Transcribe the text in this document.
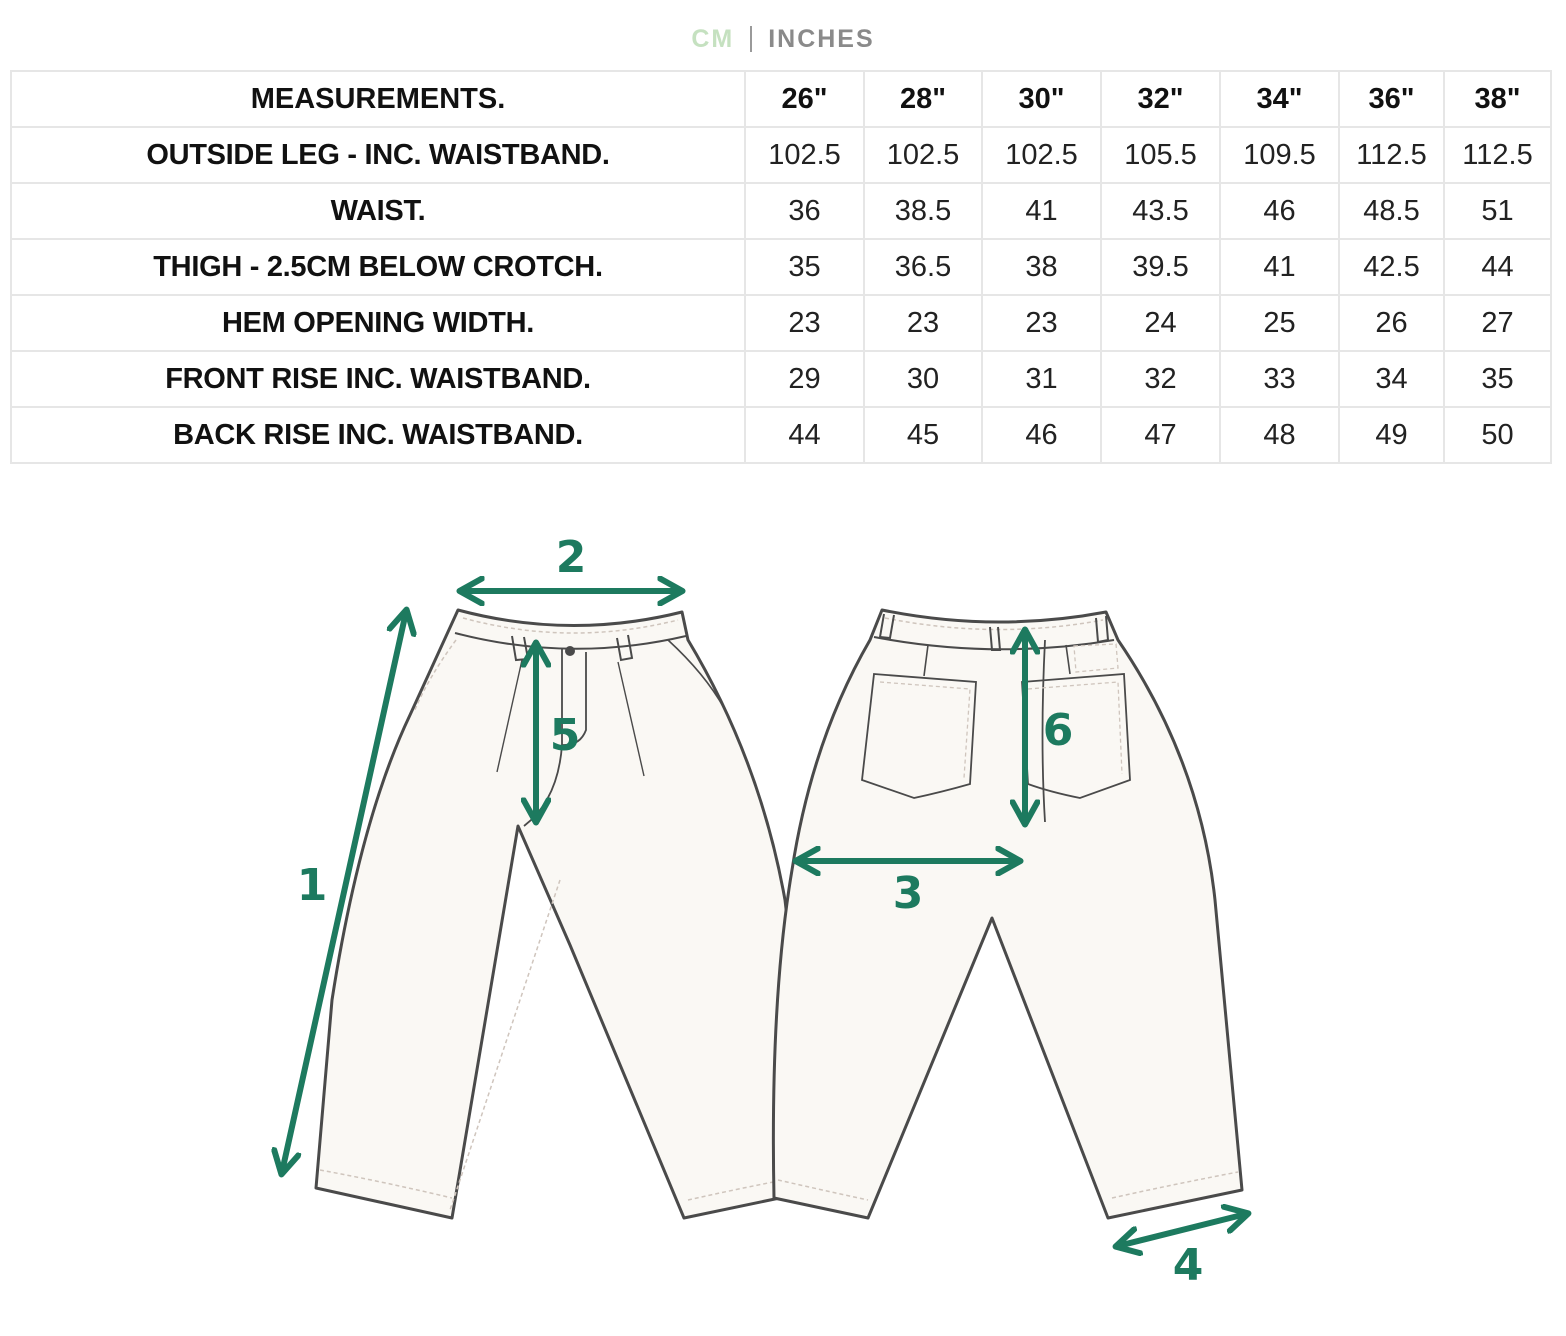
CM	INCHES
MEASUREMENTS.	26"	28"	30"	32"	34"	36"	38"
OUTSIDE LEG - INC. WAISTBAND.	102.5	102.5	102.5	105.5	109.5	112.5	112.5
WAIST.	36	38.5	41	43.5	46	48.5	51
THIGH - 2.5CM BELOW CROTCH.	35	36.5	38	39.5	41	42.5	44
HEM OPENING WIDTH.	23	23	23	24	25	26	27
FRONT RISE INC. WAISTBAND.	29	30	31	32	33	34	35
BACK RISE INC. WAISTBAND.	44	45	46	47	48	49	50
1
2
3
4
5	6
